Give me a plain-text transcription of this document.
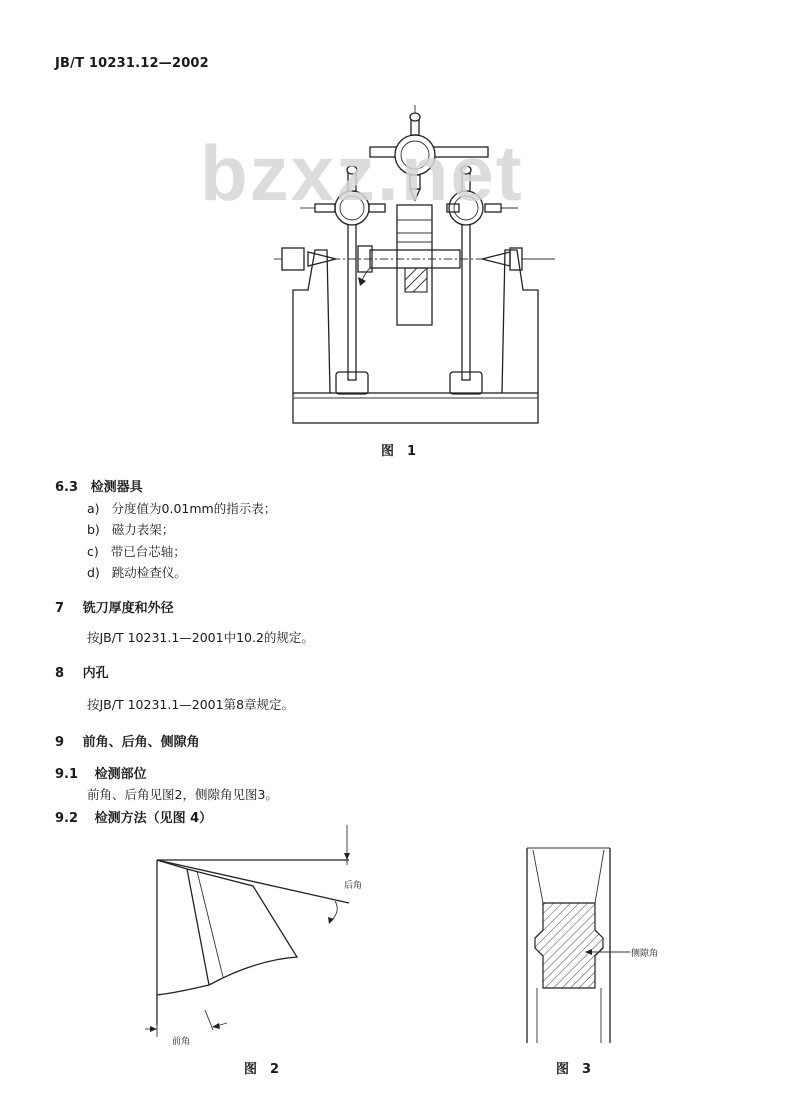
JB/T 10231.12—2002
图　1
bzxz.net
6.3 检测器具
a) 分度值为0.01mm的指示表；
b) 磁力表架；
c) 带已台芯轴；
d) 跳动检查仪。
7 铣刀厚度和外径
按JB/T 10231.1—2001中10.2的规定。
8 内孔
按JB/T 10231.1—2001第8章规定。
9 前角、后角、侧隙角
9.1 检测部位
前角、后角见图2，侧隙角见图3。
9.2 检测方法（见图 4）
后角
前角
图　2
侧隙角
图　3
